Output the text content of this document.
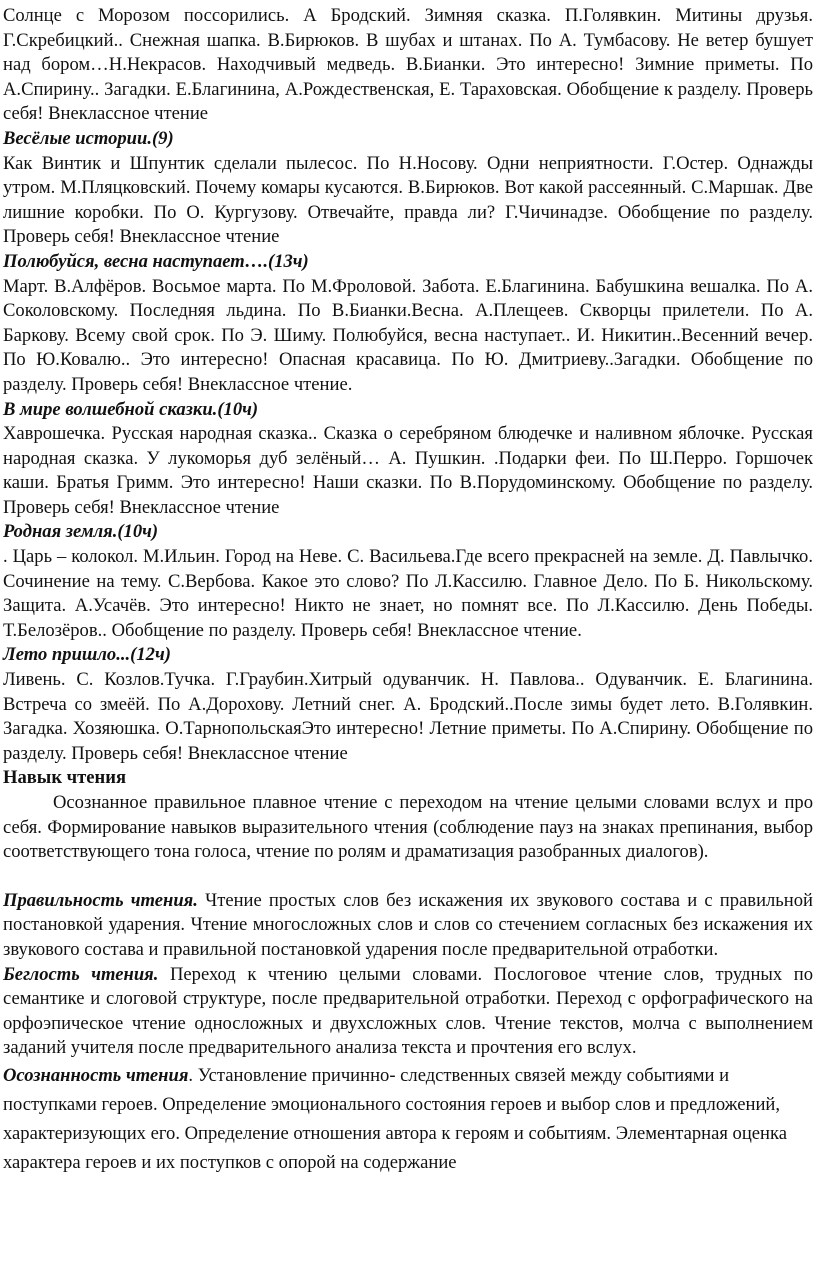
Солнце с Морозом поссорились. А Бродский. Зимняя сказка. П.Голявкин. Митины друзья. Г.Скребицкий.. Снежная шапка. В.Бирюков. В шубах и штанах. По А. Тумбасову. Не ветер бушует над бором…Н.Некрасов. Находчивый медведь. В.Бианки. Это интересно! Зимние приметы. По А.Спирину.. Загадки. Е.Благинина, А.Рождественская, Е. Тараховская. Обобщение к разделу. Проверь себя! Внеклассное чтение

Весёлые истории.(9)

Как Винтик и Шпунтик сделали пылесос. По Н.Носову. Одни неприятности. Г.Остер. Однажды утром. М.Пляцковский. Почему комары кусаются. В.Бирюков. Вот какой рассеянный. С.Маршак. Две лишние коробки. По О. Кургузову. Отвечайте, правда ли? Г.Чичинадзе. Обобщение по разделу. Проверь себя! Внеклассное чтение

Полюбуйся, весна наступает….(13ч)

Март. В.Алфёров. Восьмое марта. По М.Фроловой. Забота. Е.Благинина. Бабушкина вешалка. По А. Соколовскому. Последняя льдина. По В.Бианки.Весна. А.Плещеев. Скворцы прилетели. По А. Баркову. Всему свой срок. По Э. Шиму. Полюбуйся, весна наступает.. И. Никитин..Весенний вечер. По Ю.Ковалю.. Это интересно! Опасная красавица. По Ю. Дмитриеву..Загадки. Обобщение по разделу. Проверь себя! Внеклассное чтение.

В мире волшебной сказки.(10ч)

Хаврошечка. Русская народная сказка.. Сказка о серебряном блюдечке и наливном яблочке. Русская народная сказка. У лукоморья дуб зелёный… А. Пушкин. .Подарки феи. По Ш.Перро. Горшочек каши. Братья Гримм. Это интересно! Наши сказки. По В.Порудоминскому. Обобщение по разделу. Проверь себя! Внеклассное чтение

Родная земля.(10ч)

. Царь – колокол. М.Ильин. Город на Неве. С. Васильева.Где всего прекрасней на земле. Д. Павлычко. Сочинение на тему. С.Вербова. Какое это слово? По Л.Кассилю. Главное Дело. По Б. Никольскому. Защита. А.Усачёв. Это интересно! Никто не знает, но помнят все. По Л.Кассилю. День Победы. Т.Белозёров.. Обобщение по разделу. Проверь себя! Внеклассное чтение.

Лето пришло...(12ч)

Ливень. С. Козлов.Тучка. Г.Граубин.Хитрый одуванчик. Н. Павлова.. Одуванчик. Е. Благинина. Встреча со змеёй. По А.Дорохову. Летний снег. А. Бродский..После зимы будет лето. В.Голявкин. Загадка. Хозяюшка. О.ТарнопольскаяЭто интересно! Летние приметы. По А.Спирину. Обобщение по разделу. Проверь себя! Внеклассное чтение

Навык чтения

Осознанное правильное плавное чтение с переходом на чтение целыми словами вслух и про себя. Формирование навыков выразительного чтения (соблюдение пауз на знаках препинания, выбор соответствующего тона голоса, чтение по ролям и драматизация разобранных диалогов).

Правильность чтения. Чтение простых слов без искажения их звукового состава и с правильной постановкой ударения. Чтение многосложных слов и слов со стечением согласных без искажения их звукового состава и правильной постановкой ударения после предварительной отработки.

Беглость чтения. Переход к чтению целыми словами. Послоговое чтение слов, трудных по семантике и слоговой структуре, после предварительной отработки. Переход с орфографического на орфоэпическое чтение односложных и двухсложных слов. Чтение текстов, молча с выполнением заданий учителя после предварительного анализа текста и прочтения его вслух.

Осознанность чтения. Установление причинно- следственных связей между событиями и поступками героев. Определение эмоционального состояния героев и выбор слов и предложений, характеризующих его. Определение отношения автора к героям и событиям. Элементарная оценка характера героев и их поступков с опорой на содержание
